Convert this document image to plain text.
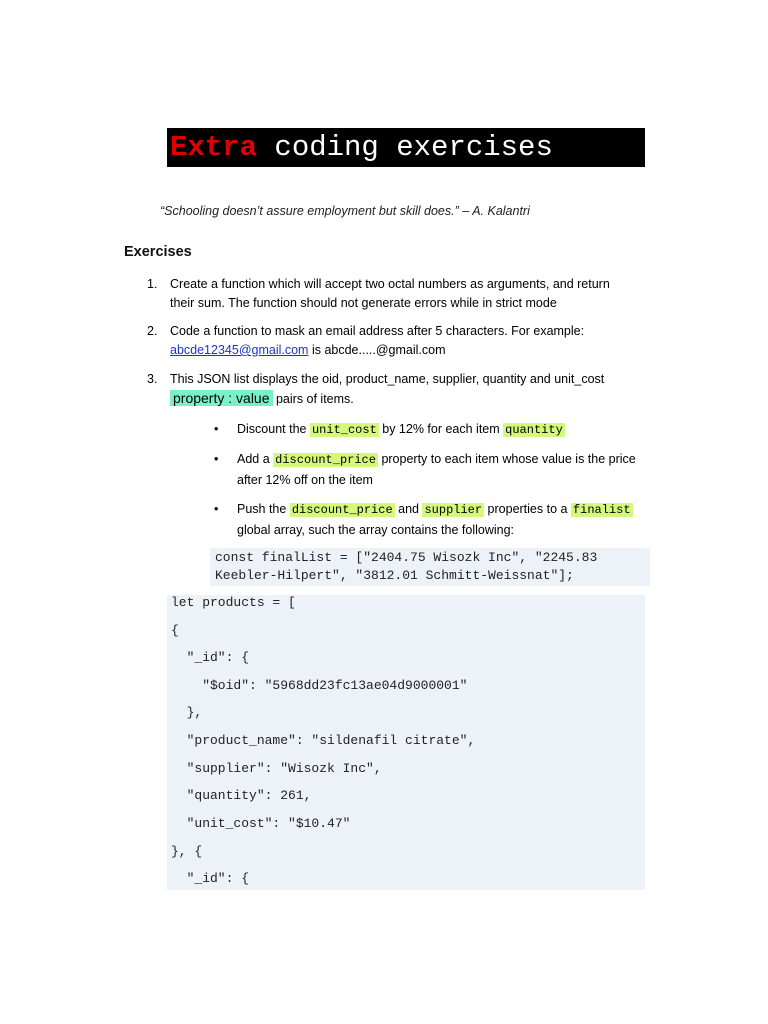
Extra coding exercises
“Schooling doesn’t assure employment but skill does.” – A. Kalantri
Exercises
1. Create a function which will accept two octal numbers as arguments, and return their sum. The function should not generate errors while in strict mode
2. Code a function to mask an email address after 5 characters. For example:
abcde12345@gmail.com is abcde.....@gmail.com
3. This JSON list displays the oid, product_name, supplier, quantity and unit_cost
property : value pairs of items.
• Discount the unit_cost by 12% for each item quantity
• Add a discount_price property to each item whose value is the price after 12% off on the item
• Push the discount_price and supplier properties to a finalist global array, such the array contains the following:
const finalList = ["2404.75 Wisozk Inc", "2245.83
Keebler-Hilpert", "3812.01 Schmitt-Weissnat"];

let products = [

{

"_id": {

"$oid": "5968dd23fc13ae04d9000001"

},

"product_name": "sildenafil citrate",

"supplier": "Wisozk Inc",

"quantity": 261,

"unit_cost": "$10.47"

}, {

"_id": {
